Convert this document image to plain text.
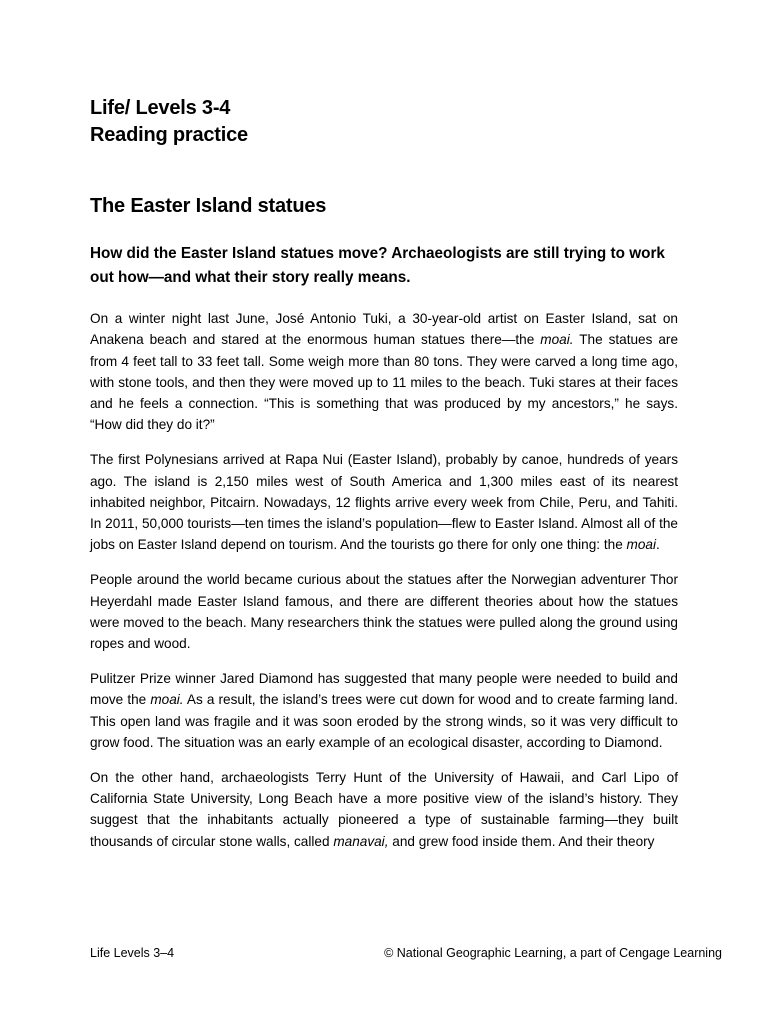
Life/ Levels 3-4
Reading practice
The Easter Island statues
How did the Easter Island statues move? Archaeologists are still trying to work out how—and what their story really means.

On a winter night last June, José Antonio Tuki, a 30-year-old artist on Easter Island, sat on Anakena beach and stared at the enormous human statues there—the moai. The statues are from 4 feet tall to 33 feet tall. Some weigh more than 80 tons. They were carved a long time ago, with stone tools, and then they were moved up to 11 miles to the beach. Tuki stares at their faces and he feels a connection. “This is something that was produced by my ancestors,” he says. “How did they do it?”

The first Polynesians arrived at Rapa Nui (Easter Island), probably by canoe, hundreds of years ago. The island is 2,150 miles west of South America and 1,300 miles east of its nearest inhabited neighbor, Pitcairn. Nowadays, 12 flights arrive every week from Chile, Peru, and Tahiti. In 2011, 50,000 tourists—ten times the island’s population—flew to Easter Island. Almost all of the jobs on Easter Island depend on tourism. And the tourists go there for only one thing: the moai.

People around the world became curious about the statues after the Norwegian adventurer Thor Heyerdahl made Easter Island famous, and there are different theories about how the statues were moved to the beach. Many researchers think the statues were pulled along the ground using ropes and wood.

Pulitzer Prize winner Jared Diamond has suggested that many people were needed to build and move the moai. As a result, the island’s trees were cut down for wood and to create farming land. This open land was fragile and it was soon eroded by the strong winds, so it was very difficult to grow food. The situation was an early example of an ecological disaster, according to Diamond.

On the other hand, archaeologists Terry Hunt of the University of Hawaii, and Carl Lipo of California State University, Long Beach have a more positive view of the island’s history. They suggest that the inhabitants actually pioneered a type of sustainable farming—they built thousands of circular stone walls, called manavai, and grew food inside them. And their theory

Life Levels 3–4	© National Geographic Learning, a part of Cengage Learning
